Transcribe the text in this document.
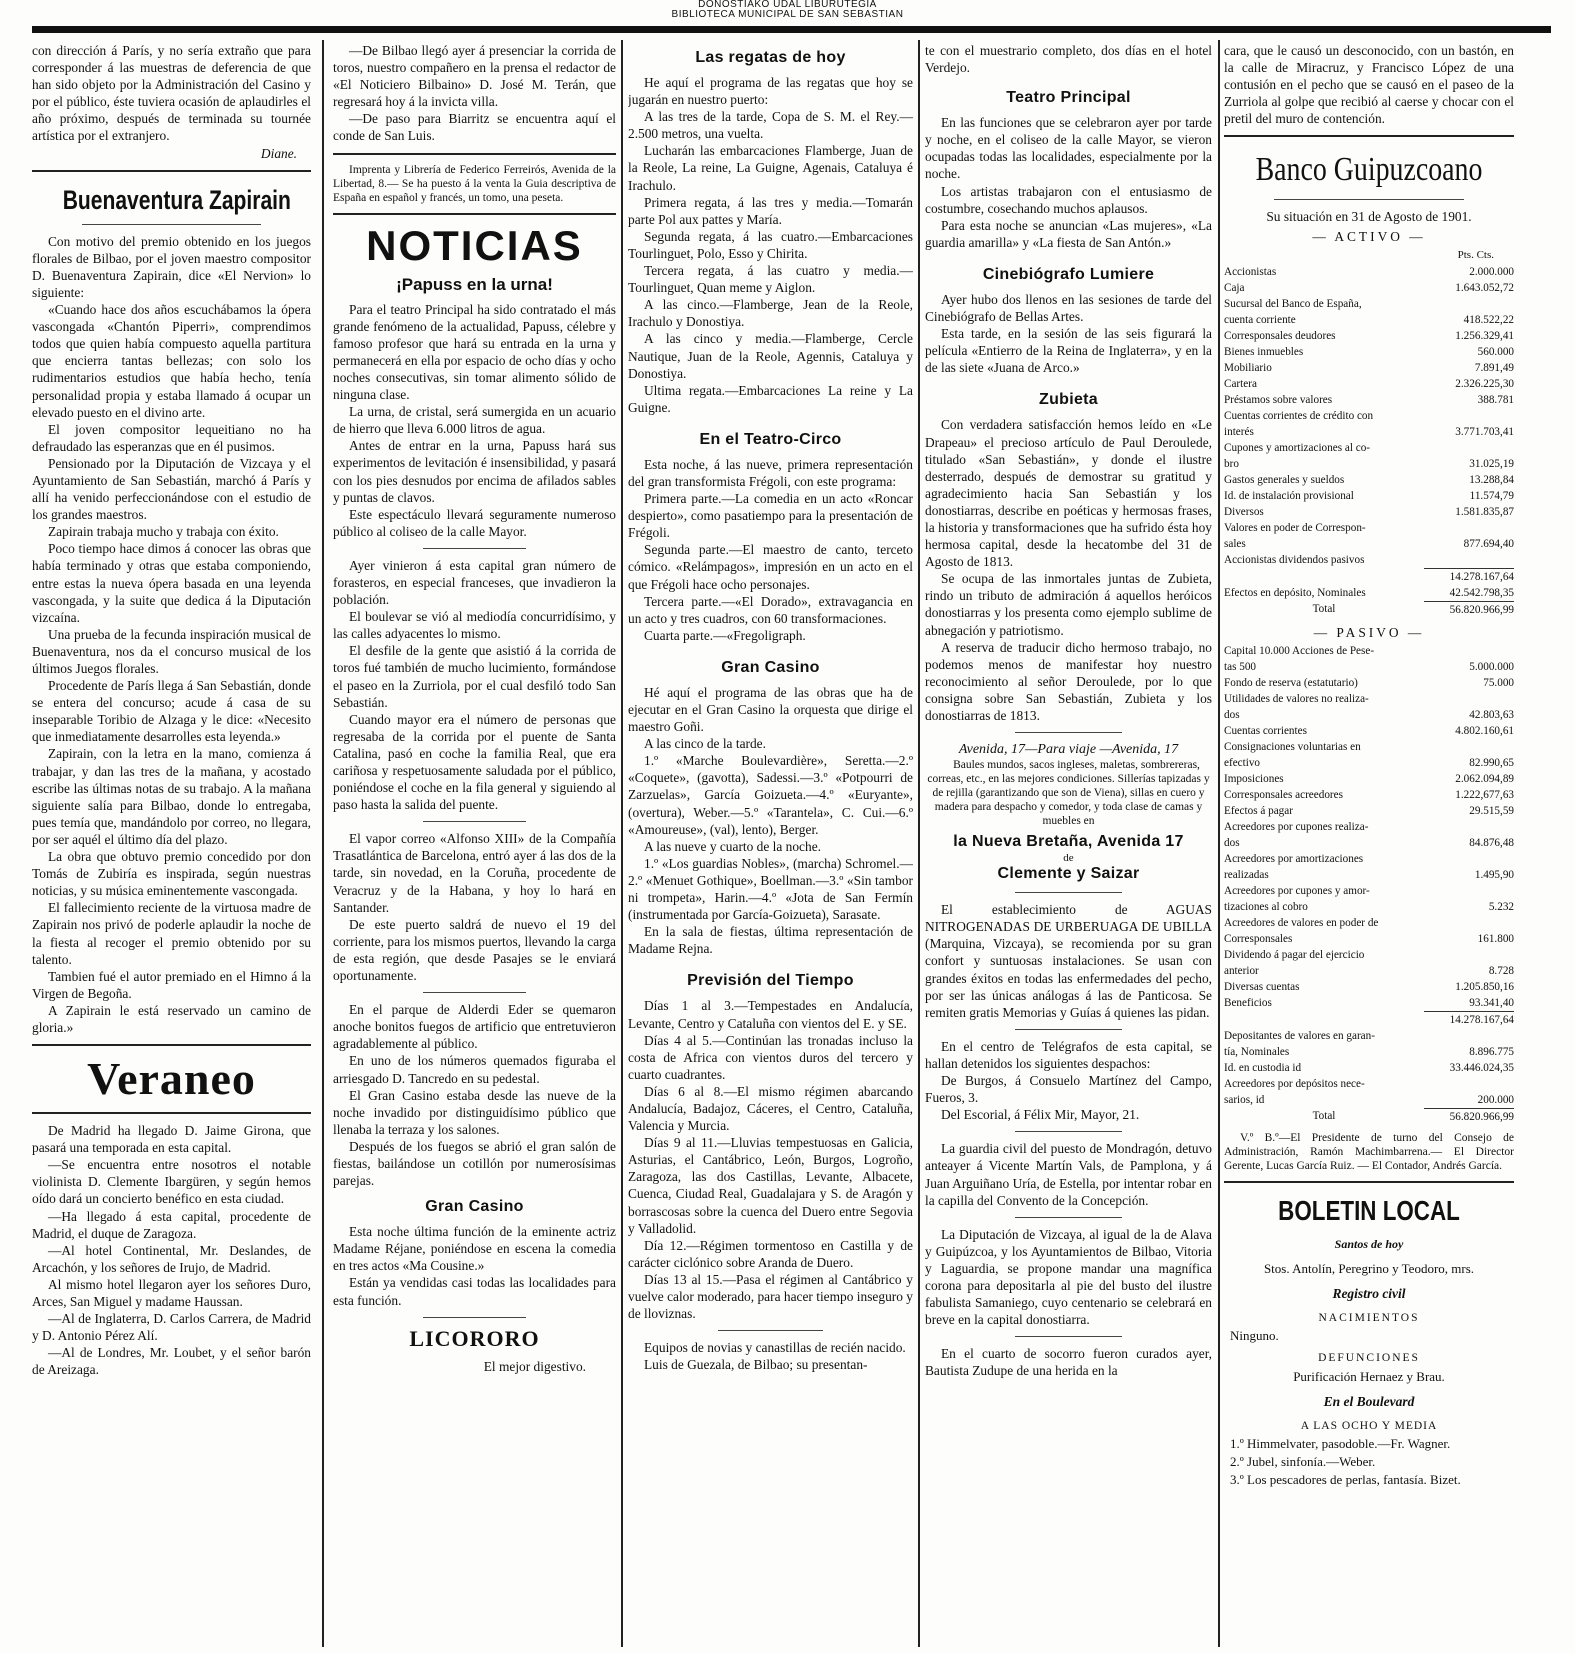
DONOSTIAKO UDAL LIBURUTEGIA
BIBLIOTECA MUNICIPAL DE SAN SEBASTIAN

con dirección á París, y no sería extraño que para corresponder á las muestras de deferencia de que han sido objeto por la Administración del Casino y por el público, éste tuviera ocasión de aplaudirles el año próximo, después de terminada su tournée artística por el extranjero.

Diane.
Buenaventura Zapirain

Con motivo del premio obtenido en los juegos florales de Bilbao, por el joven maestro compositor D. Buenaventura Zapirain, dice «El Nervion» lo siguiente:

«Cuando hace dos años escuchábamos la ópera vascongada «Chantón Piperri», comprendimos todos que quien había compuesto aquella partitura que encierra tantas bellezas; con solo los rudimentarios estudios que había hecho, tenía personalidad propia y estaba llamado á ocupar un elevado puesto en el divino arte.

El joven compositor lequeitiano no ha defraudado las esperanzas que en él pusimos.

Pensionado por la Diputación de Vizcaya y el Ayuntamiento de San Sebastián, marchó á París y allí ha venido perfeccionándose con el estudio de los grandes maestros.

Zapirain trabaja mucho y trabaja con éxito.

Poco tiempo hace dimos á conocer las obras que había terminado y otras que estaba componiendo, entre estas la nueva ópera basada en una leyenda vascongada, y la suite que dedica á la Diputación vizcaína.

Una prueba de la fecunda inspiración musical de Buenaventura, nos da el concurso musical de los últimos Juegos florales.

Procedente de París llega á San Sebastián, donde se entera del concurso; acude á casa de su inseparable Toribio de Alzaga y le dice: «Necesito que inmediatamente desarrolles esta leyenda.»

Zapirain, con la letra en la mano, comienza á trabajar, y dan las tres de la mañana, y acostado escribe las últimas notas de su trabajo. A la mañana siguiente salía para Bilbao, donde lo entregaba, pues temía que, mandándolo por correo, no llegara, por ser aquél el último día del plazo.

La obra que obtuvo premio concedido por don Tomás de Zubiría es inspirada, según nuestras noticias, y su música eminentemente vascongada.

El fallecimiento reciente de la virtuosa madre de Zapirain nos privó de poderle aplaudir la noche de la fiesta al recoger el premio obtenido por su talento.

Tambien fué el autor premiado en el Himno á la Virgen de Begoña.

A Zapirain le está reservado un camino de gloria.»

Veraneo

De Madrid ha llegado D. Jaime Girona, que pasará una temporada en esta capital.

—Se encuentra entre nosotros el notable violinista D. Clemente Ibargüren, y según hemos oído dará un concierto benéfico en esta ciudad.

—Ha llegado á esta capital, procedente de Madrid, el duque de Zaragoza.

—Al hotel Continental, Mr. Deslandes, de Arcachón, y los señores de Irujo, de Madrid.

Al mismo hotel llegaron ayer los señores Duro, Arces, San Miguel y madame Haussan.

—Al de Inglaterra, D. Carlos Carrera, de Madrid y D. Antonio Pérez Alí.

—Al de Londres, Mr. Loubet, y el señor barón de Areizaga.

—De Bilbao llegó ayer á presenciar la corrida de toros, nuestro compañero en la prensa el redactor de «El Noticiero Bilbaino» D. José M. Terán, que regresará hoy á la invicta villa.

—De paso para Biarritz se encuentra aquí el conde de San Luis.

Imprenta y Librería de Federico Ferreirós, Avenida de la Libertad, 8.— Se ha puesto á la venta la Guia descriptiva de España en español y francés, un tomo, una peseta.

NOTICIAS
¡Papuss en la urna!

Para el teatro Principal ha sido contratado el más grande fenómeno de la actualidad, Papuss, célebre y famoso profesor que hará su entrada en la urna y permanecerá en ella por espacio de ocho días y ocho noches consecutivas, sin tomar alimento sólido de ninguna clase.

La urna, de cristal, será sumergida en un acuario de hierro que lleva 6.000 litros de agua.

Antes de entrar en la urna, Papuss hará sus experimentos de levitación é insensibilidad, y pasará con los pies desnudos por encima de afilados sables y puntas de clavos.

Este espectáculo llevará seguramente numeroso público al coliseo de la calle Mayor.

Ayer vinieron á esta capital gran número de forasteros, en especial franceses, que invadieron la población.

El boulevar se vió al mediodía concurridísimo, y las calles adyacentes lo mismo.

El desfile de la gente que asistió á la corrida de toros fué también de mucho lucimiento, formándose el paseo en la Zurriola, por el cual desfiló todo San Sebastián.

Cuando mayor era el número de personas que regresaba de la corrida por el puente de Santa Catalina, pasó en coche la familia Real, que era cariñosa y respetuosamente saludada por el público, poniéndose el coche en la fila general y siguiendo al paso hasta la salida del puente.

El vapor correo «Alfonso XIII» de la Compañía Trasatlántica de Barcelona, entró ayer á las dos de la tarde, sin novedad, en la Coruña, procedente de Veracruz y de la Habana, y hoy lo hará en Santander.

De este puerto saldrá de nuevo el 19 del corriente, para los mismos puertos, llevando la carga de esta región, que desde Pasajes se le enviará oportunamente.

En el parque de Alderdi Eder se quemaron anoche bonitos fuegos de artificio que entretuvieron agradablemente al público.

En uno de los números quemados figuraba el arriesgado D. Tancredo en su pedestal.

El Gran Casino estaba desde las nueve de la noche invadido por distinguidísimo público que llenaba la terraza y los salones.

Después de los fuegos se abrió el gran salón de fiestas, bailándose un cotillón por numerosísimas parejas.

Gran Casino

Esta noche última función de la eminente actriz Madame Réjane, poniéndose en escena la comedia en tres actos «Ma Cousine.»

Están ya vendidas casi todas las localidades para esta función.

LICORORO
El mejor digestivo.
Las regatas de hoy

He aquí el programa de las regatas que hoy se jugarán en nuestro puerto:

A las tres de la tarde, Copa de S. M. el Rey.—2.500 metros, una vuelta.

Lucharán las embarcaciones Flamberge, Juan de la Reole, La reine, La Guigne, Agenais, Cataluya é Irachulo.

Primera regata, á las tres y media.—Tomarán parte Pol aux pattes y María.

Segunda regata, á las cuatro.—Embarcaciones Tourlinguet, Polo, Esso y Chirita.

Tercera regata, á las cuatro y media.—Tourlinguet, Quan meme y Aiglon.

A las cinco.—Flamberge, Jean de la Reole, Irachulo y Donostiya.

A las cinco y media.—Flamberge, Cercle Nautique, Juan de la Reole, Agennis, Cataluya y Donostiya.

Ultima regata.—Embarcaciones La reine y La Guigne.

En el Teatro-Circo

Esta noche, á las nueve, primera representación del gran transformista Frégoli, con este programa:

Primera parte.—La comedia en un acto «Roncar despierto», como pasatiempo para la presentación de Frégoli.

Segunda parte.—El maestro de canto, terceto cómico. «Relámpagos», impresión en un acto en el que Frégoli hace ocho personajes.

Tercera parte.—«El Dorado», extravagancia en un acto y tres cuadros, con 60 transformaciones.

Cuarta parte.—«Fregoligraph.

Gran Casino

Hé aquí el programa de las obras que ha de ejecutar en el Gran Casino la orquesta que dirige el maestro Goñi.

A las cinco de la tarde.

1.º «Marche Boulevardière», Seretta.—2.º «Coquete», (gavotta), Sadessi.—3.º «Potpourri de Zarzuelas», García Goizueta.—4.º «Euryante», (overtura), Weber.—5.º «Tarantela», C. Cui.—6.º «Amoureuse», (val), lento), Berger.

A las nueve y cuarto de la noche.

1.º «Los guardias Nobles», (marcha) Schromel.—2.º «Menuet Gothique», Boellman.—3.º «Sin tambor ni trompeta», Harin.—4.º «Jota de San Fermín (instrumentada por García-Goizueta), Sarasate.

En la sala de fiestas, última representación de Madame Rejna.

Previsión del Tiempo

Días 1 al 3.—Tempestades en Andalucía, Levante, Centro y Cataluña con vientos del E. y SE.

Días 4 al 5.—Continúan las tronadas incluso la costa de Africa con vientos duros del tercero y cuarto cuadrantes.

Días 6 al 8.—El mismo régimen abarcando Andalucía, Badajoz, Cáceres, el Centro, Cataluña, Valencia y Murcia.

Días 9 al 11.—Lluvias tempestuosas en Galicia, Asturias, el Cantábrico, León, Burgos, Logroño, Zaragoza, las dos Castillas, Levante, Albacete, Cuenca, Ciudad Real, Guadalajara y S. de Aragón y borrascosas sobre la cuenca del Duero entre Segovia y Valladolid.

Día 12.—Régimen tormentoso en Castilla y de carácter ciclónico sobre Aranda de Duero.

Días 13 al 15.—Pasa el régimen al Cantábrico y vuelve calor moderado, para hacer tiempo inseguro y de lloviznas.

Equipos de novias y canastillas de recién nacido.

Luis de Guezala, de Bilbao; su presentan-

te con el muestrario completo, dos días en el hotel Verdejo.

Teatro Principal

En las funciones que se celebraron ayer por tarde y noche, en el coliseo de la calle Mayor, se vieron ocupadas todas las localidades, especialmente por la noche.

Los artistas trabajaron con el entusiasmo de costumbre, cosechando muchos aplausos.

Para esta noche se anuncian «Las mujeres», «La guardia amarilla» y «La fiesta de San Antón.»

Cinebiógrafo Lumiere

Ayer hubo dos llenos en las sesiones de tarde del Cinebiógrafo de Bellas Artes.

Esta tarde, en la sesión de las seis figurará la película «Entierro de la Reina de Inglaterra», y en la de las siete «Juana de Arco.»

Zubieta

Con verdadera satisfacción hemos leído en «Le Drapeau» el precioso artículo de Paul Deroulede, titulado «San Sebastián», y donde el ilustre desterrado, después de demostrar su gratitud y agradecimiento hacia San Sebastián y los donostiarras, describe en poéticas y hermosas frases, la historia y transformaciones que ha sufrido ésta hoy hermosa capital, desde la hecatombe del 31 de Agosto de 1813.

Se ocupa de las inmortales juntas de Zubieta, rindo un tributo de admiración á aquellos heróicos donostiarras y los presenta como ejemplo sublime de abnegación y patriotismo.

A reserva de traducir dicho hermoso trabajo, no podemos menos de manifestar hoy nuestro reconocimiento al señor Deroulede, por lo que consigna sobre San Sebastián, Zubieta y los donostiarras de 1813.

Avenida, 17—Para viaje —Avenida, 17

Baules mundos, sacos ingleses, maletas, sombrereras, correas, etc., en las mejores condiciones. Sillerías tapizadas y de rejilla (garantizando que son de Viena), sillas en cuero y madera para despacho y comedor, y toda clase de camas y muebles en

la Nueva Bretaña, Avenida 17
de
Clemente y Saizar

El establecimiento de AGUAS NITROGENADAS DE URBERUAGA DE UBILLA (Marquina, Vizcaya), se recomienda por su gran confort y suntuosas instalaciones. Se usan con grandes éxitos en todas las enfermedades del pecho, por ser las únicas análogas á las de Panticosa. Se remiten gratis Memorias y Guías á quienes las pidan.

En el centro de Telégrafos de esta capital, se hallan detenidos los siguientes despachos:

De Burgos, á Consuelo Martínez del Campo, Fueros, 3.

Del Escorial, á Félix Mir, Mayor, 21.

La guardia civil del puesto de Mondragón, detuvo anteayer á Vicente Martín Vals, de Pamplona, y á Juan Arguiñano Uría, de Estella, por intentar robar en la capilla del Convento de la Concepción.

La Diputación de Vizcaya, al igual de la de Alava y Guipúzcoa, y los Ayuntamientos de Bilbao, Vitoria y Laguardia, se propone mandar una magnífica corona para depositarla al pie del busto del ilustre fabulista Samaniego, cuyo centenario se celebrará en breve en la capital donostiarra.

En el cuarto de socorro fueron curados ayer, Bautista Zudupe de una herida en la

cara, que le causó un desconocido, con un bastón, en la calle de Miracruz, y Francisco López de una contusión en el pecho que se causó en el paseo de la Zurriola al golpe que recibió al caerse y chocar con el pretil del muro de contención.

Banco Guipuzcoano
Su situación en 31 de Agosto de 1901.
— ACTIVO —
Pts. Cts.
Accionistas	2.000.000
Caja	1.643.052,72
Sucursal del Banco de España,
cuenta corriente	418.522,22
Corresponsales deudores	1.256.329,41
Bienes inmuebles	560.000
Mobiliario	7.891,49
Cartera	2.326.225,30
Préstamos sobre valores	388.781
Cuentas corrientes de crédito con
interés	3.771.703,41
Cupones y amortizaciones al co-
bro	31.025,19
Gastos generales y sueldos	13.288,84
Id. de instalación provisional	11.574,79
Diversos	1.581.835,87
Valores en poder de Correspon-
sales	877.694,40
Accionistas dividendos pasivos
14.278.167,64
Efectos en depósito, Nominales	42.542.798,35
Total	56.820.966,99
— PASIVO —
Capital 10.000 Acciones de Pese-
tas 500	5.000.000
Fondo de reserva (estatutario)	75.000
Utilidades de valores no realiza-
dos	42.803,63
Cuentas corrientes	4.802.160,61
Consignaciones voluntarias en
efectivo	82.990,65
Imposiciones	2.062.094,89
Corresponsales acreedores	1.222,677,63
Efectos á pagar	29.515,59
Acreedores por cupones realiza-
dos	84.876,48
Acreedores por amortizaciones
realizadas	1.495,90
Acreedores por cupones y amor-
tizaciones al cobro	5.232
Acreedores de valores en poder de
Corresponsales	161.800
Dividendo á pagar del ejercicio
anterior	8.728
Diversas cuentas	1.205.850,16
Beneficios	93.341,40
14.278.167,64
Depositantes de valores en garan-
tía, Nominales	8.896.775
Id. en custodia id	33.446.024,35
Acreedores por depósitos nece-
sarios, id	200.000
Total	56.820.966,99

V.º B.º—El Presidente de turno del Consejo de Administración, Ramón Machimbarrena.— El Director Gerente, Lucas García Ruiz. — El Contador, Andrés García.

BOLETIN LOCAL
Santos de hoy
Stos. Antolín, Peregrino y Teodoro, mrs.
Registro civil
NACIMIENTOS
Ninguno.
DEFUNCIONES
Purificación Hernaez y Brau.
En el Boulevard
A LAS OCHO Y MEDIA
1.º Himmelvater, pasodoble.—Fr. Wagner.
2.º Jubel, sinfonía.—Weber.
3.º Los pescadores de perlas, fantasía. Bizet.
